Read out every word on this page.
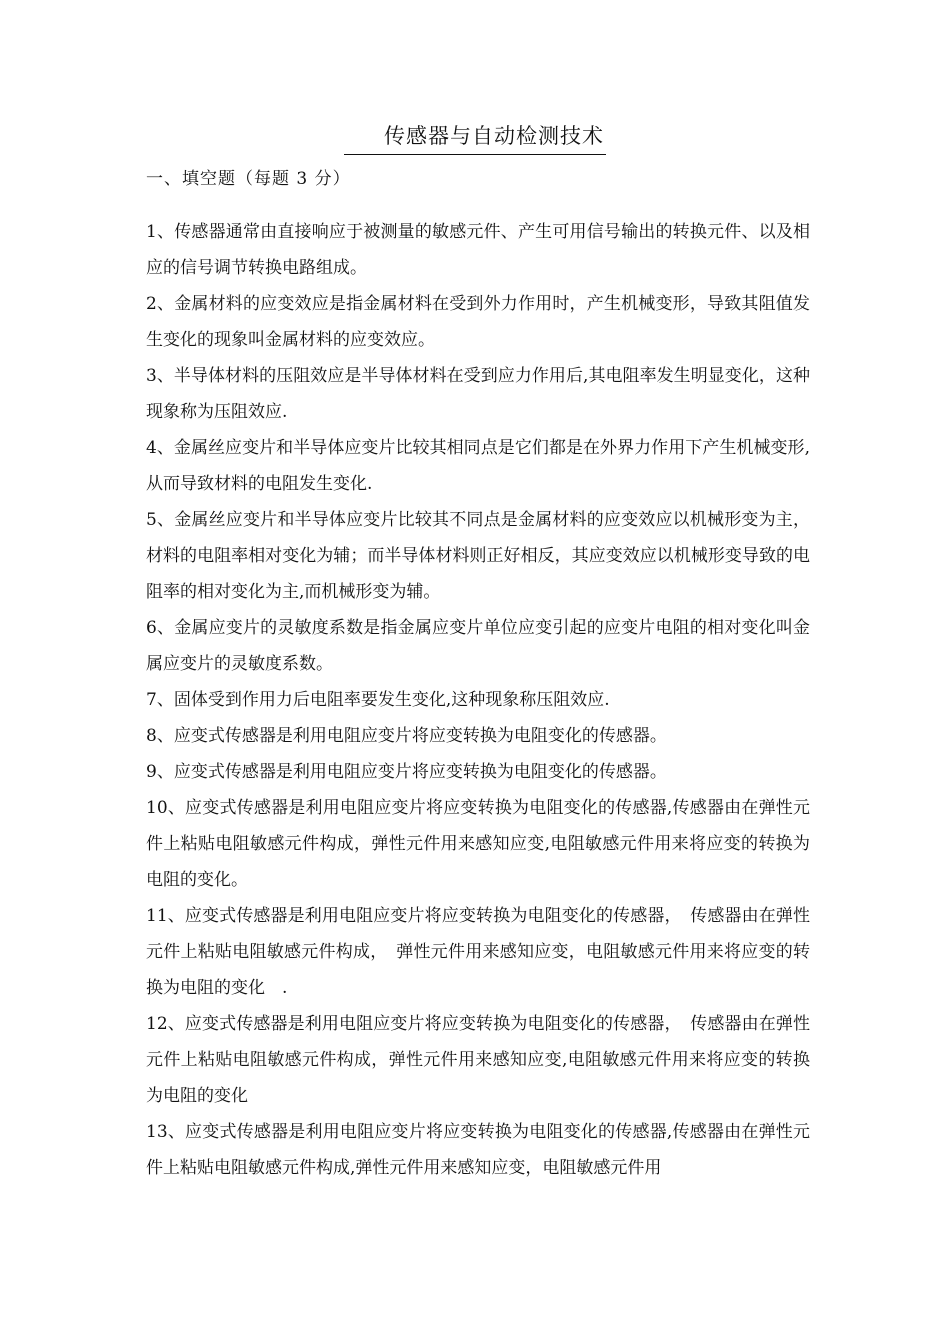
传感器与自动检测技术
一、填空题（每题 3 分）
1、传感器通常由直接响应于被测量的敏感元件、产生可用信号输出的转换元件、以及相应的信号调节转换电路组成。
2、金属材料的应变效应是指金属材料在受到外力作用时，产生机械变形，导致其阻值发生变化的现象叫金属材料的应变效应。
3、半导体材料的压阻效应是半导体材料在受到应力作用后,其电阻率发生明显变化，这种现象称为压阻效应.
4、金属丝应变片和半导体应变片比较其相同点是它们都是在外界力作用下产生机械变形,从而导致材料的电阻发生变化.
5、金属丝应变片和半导体应变片比较其不同点是金属材料的应变效应以机械形变为主，材料的电阻率相对变化为辅；而半导体材料则正好相反，其应变效应以机械形变导致的电阻率的相对变化为主,而机械形变为辅。
6、金属应变片的灵敏度系数是指金属应变片单位应变引起的应变片电阻的相对变化叫金属应变片的灵敏度系数。
7、固体受到作用力后电阻率要发生变化,这种现象称压阻效应.
8、应变式传感器是利用电阻应变片将应变转换为电阻变化的传感器。
9、应变式传感器是利用电阻应变片将应变转换为电阻变化的传感器。
10、应变式传感器是利用电阻应变片将应变转换为电阻变化的传感器,传感器由在弹性元件上粘贴电阻敏感元件构成，弹性元件用来感知应变,电阻敏感元件用来将应变的转换为电阻的变化。
11、应变式传感器是利用电阻应变片将应变转换为电阻变化的传感器，　传感器由在弹性元件上粘贴电阻敏感元件构成，　弹性元件用来感知应变，电阻敏感元件用来将应变的转换为电阻的变化　.
12、应变式传感器是利用电阻应变片将应变转换为电阻变化的传感器，　传感器由在弹性元件上粘贴电阻敏感元件构成，弹性元件用来感知应变,电阻敏感元件用来将应变的转换为电阻的变化
13、应变式传感器是利用电阻应变片将应变转换为电阻变化的传感器,传感器由在弹性元件上粘贴电阻敏感元件构成,弹性元件用来感知应变，电阻敏感元件用
